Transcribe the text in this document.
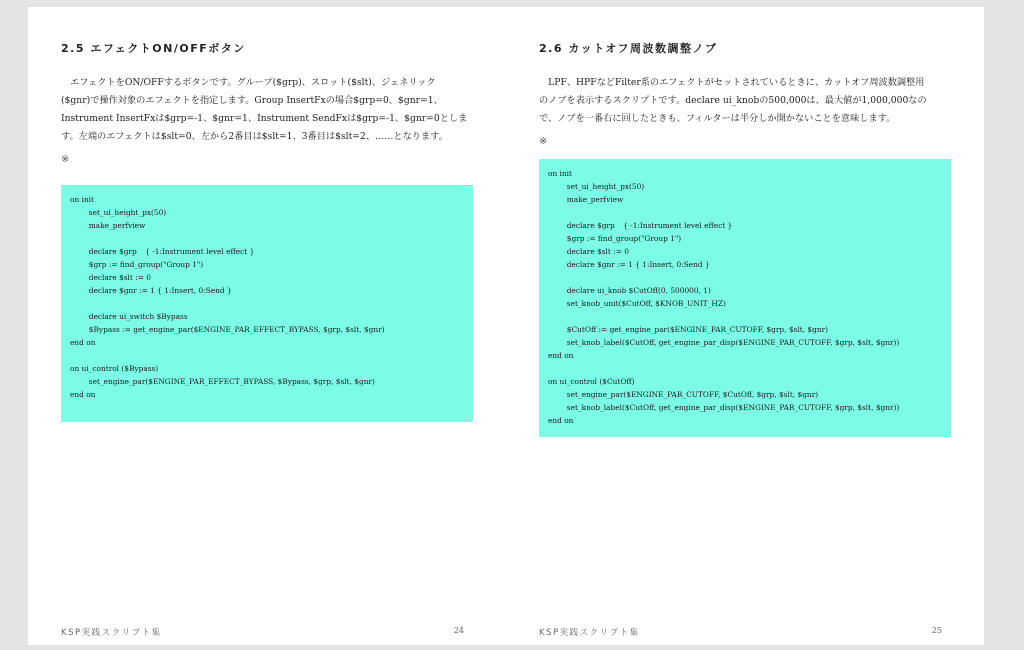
2.5 エフェクトON/OFFボタン

　エフェクトをON/OFFするボタンです。グループ($grp)、スロット($slt)、ジェネリック

($gnr)で操作対象のエフェクトを指定します。Group InsertFxの場合$grp=0、$gnr=1、

Instrument InsertFxは$grp=-1、$gnr=1、Instrument SendFxは$grp=-1、$gnr=0としま

す。左端のエフェクトは$slt=0、左から2番目は$slt=1、3番目は$slt=2、……となります。

※
on init
	set_ui_height_px(50)
	make_perfview

	declare $grp	{ -1:Instrument level effect }
	$grp := find_group("Group 1")
	declare $slt := 0
	declare $gnr := 1 { 1:Insert, 0:Send }

	declare ui_switch $Bypass
	$Bypass := get_engine_par($ENGINE_PAR_EFFECT_BYPASS, $grp, $slt, $gnr)
end on

on ui_control ($Bypass)
	set_engine_par($ENGINE_PAR_EFFECT_BYPASS, $Bypass, $grp, $slt, $gnr)
end on
KSP実践スクリプト集	24
2.6 カットオフ周波数調整ノブ

　LPF、HPFなどFilter系のエフェクトがセットされているときに、カットオフ周波数調整用

のノブを表示するスクリプトです。declare ui_knobの500,000は、最大値が1,000,000なの

で、ノブを一番右に回したときも、フィルターは半分しか開かないことを意味します。

※
on init
	set_ui_height_px(50)
	make_perfview

	declare $grp	{ -1:Instrument level effect }
	$grp := find_group("Group 1")
	declare $slt := 0
	declare $gnr := 1 { 1:Insert, 0:Send }

	declare ui_knob $CutOff(0, 500000, 1)
	set_knob_unit($CutOff, $KNOB_UNIT_HZ)

	$CutOff := get_engine_par($ENGINE_PAR_CUTOFF, $grp, $slt, $gnr)
	set_knob_label($CutOff, get_engine_par_disp($ENGINE_PAR_CUTOFF, $grp, $slt, $gnr))
end on

on ui_control ($CutOff)
	set_engine_par($ENGINE_PAR_CUTOFF, $CutOff, $grp, $slt, $gnr)
	set_knob_label($CutOff, get_engine_par_disp($ENGINE_PAR_CUTOFF, $grp, $slt, $gnr))
end on
KSP実践スクリプト集	25
